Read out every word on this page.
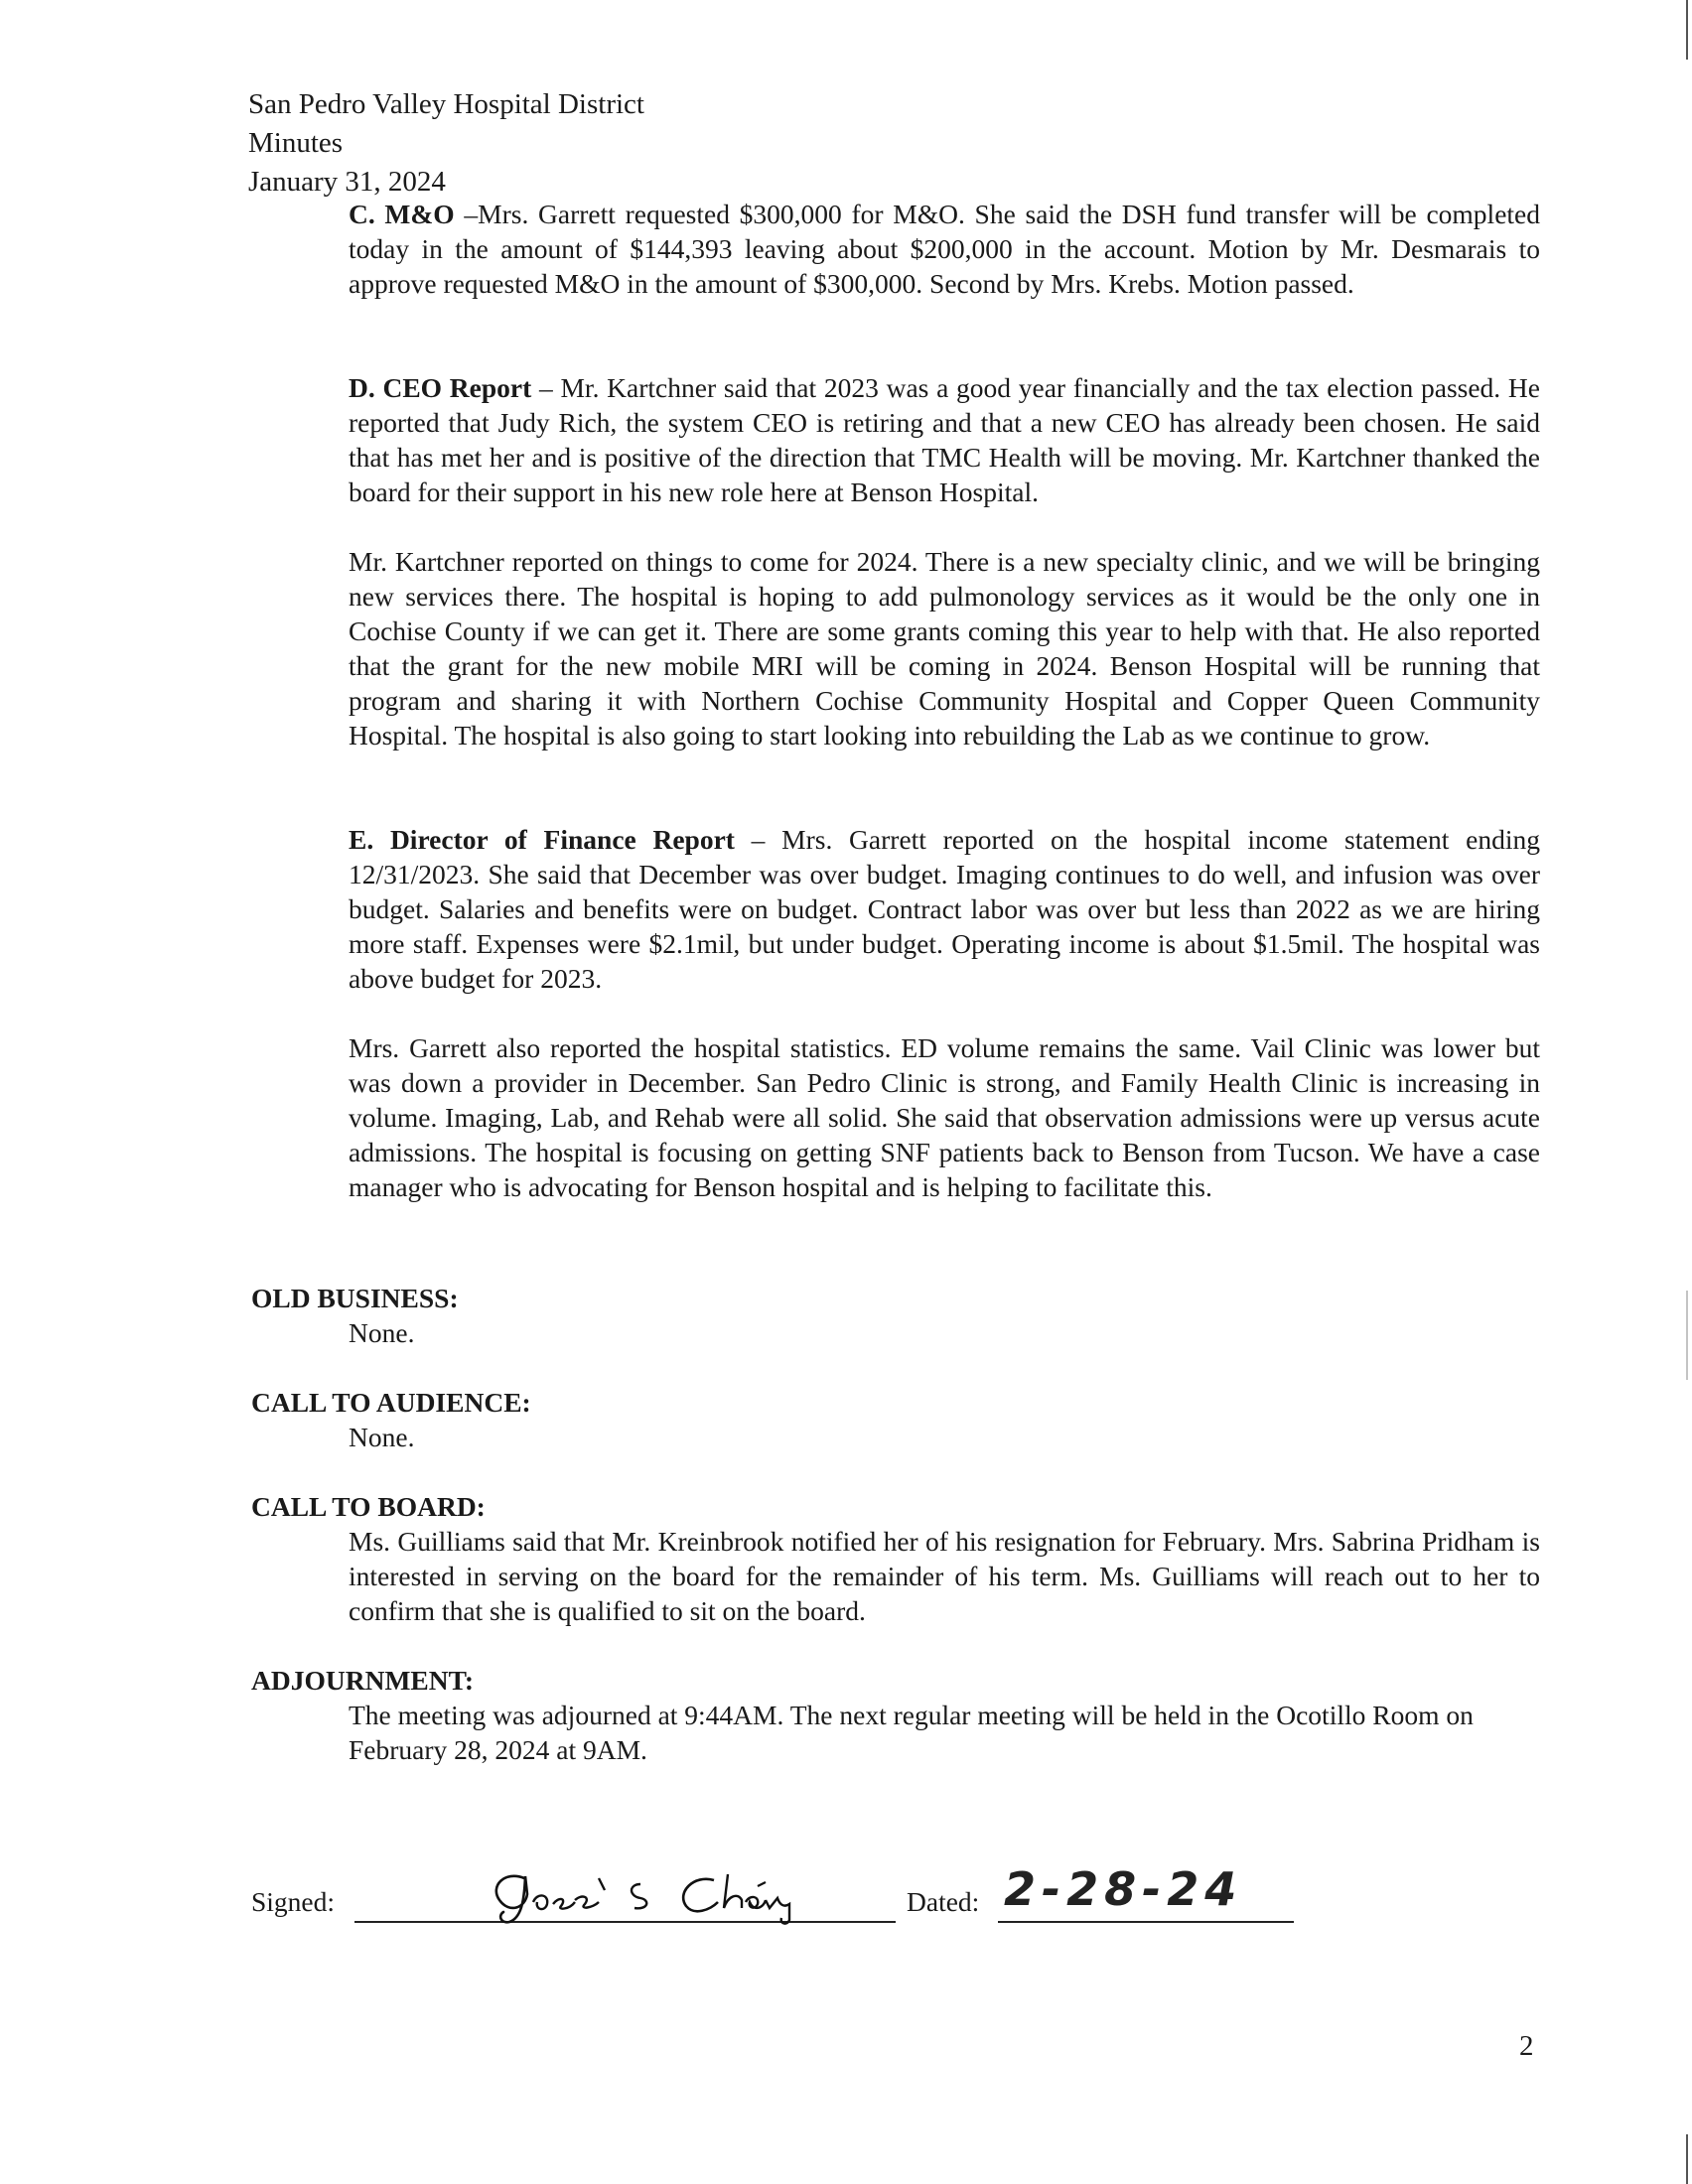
San Pedro Valley Hospital District
Minutes
January 31, 2024
C. M&O –Mrs. Garrett requested $300,000 for M&O. She said the DSH fund transfer will be completed today in the amount of $144,393 leaving about $200,000 in the account. Motion by Mr. Desmarais to approve requested M&O in the amount of $300,000. Second by Mrs. Krebs. Motion passed.
D. CEO Report – Mr. Kartchner said that 2023 was a good year financially and the tax election passed. He reported that Judy Rich, the system CEO is retiring and that a new CEO has already been chosen. He said that has met her and is positive of the direction that TMC Health will be moving. Mr. Kartchner thanked the board for their support in his new role here at Benson Hospital.
Mr. Kartchner reported on things to come for 2024. There is a new specialty clinic, and we will be bringing new services there. The hospital is hoping to add pulmonology services as it would be the only one in Cochise County if we can get it. There are some grants coming this year to help with that. He also reported that the grant for the new mobile MRI will be coming in 2024. Benson Hospital will be running that program and sharing it with Northern Cochise Community Hospital and Copper Queen Community Hospital. The hospital is also going to start looking into rebuilding the Lab as we continue to grow.
E. Director of Finance Report – Mrs. Garrett reported on the hospital income statement ending 12/31/2023. She said that December was over budget. Imaging continues to do well, and infusion was over budget. Salaries and benefits were on budget. Contract labor was over but less than 2022 as we are hiring more staff. Expenses were $2.1mil, but under budget. Operating income is about $1.5mil. The hospital was above budget for 2023.
Mrs. Garrett also reported the hospital statistics. ED volume remains the same. Vail Clinic was lower but was down a provider in December. San Pedro Clinic is strong, and Family Health Clinic is increasing in volume. Imaging, Lab, and Rehab were all solid. She said that observation admissions were up versus acute admissions. The hospital is focusing on getting SNF patients back to Benson from Tucson. We have a case manager who is advocating for Benson hospital and is helping to facilitate this.
OLD BUSINESS:
None.
CALL TO AUDIENCE:
None.
CALL TO BOARD:
Ms. Guilliams said that Mr. Kreinbrook notified her of his resignation for February. Mrs. Sabrina Pridham is interested in serving on the board for the remainder of his term. Ms. Guilliams will reach out to her to confirm that she is qualified to sit on the board.
ADJOURNMENT:
The meeting was adjourned at 9:44AM. The next regular meeting will be held in the Ocotillo Room on February 28, 2024 at 9AM.
Signed:	Dated: 2-28-24
2
